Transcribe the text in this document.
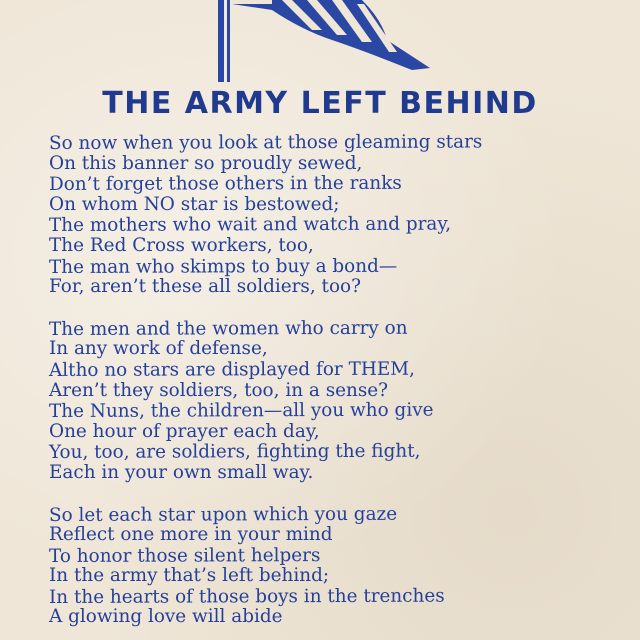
THE ARMY LEFT BEHIND
So now when you look at those gleaming stars
On this banner so proudly sewed,
Don’t forget those others in the ranks
On whom NO star is bestowed;
The mothers who wait and watch and pray,
The Red Cross workers, too,
The man who skimps to buy a bond—
For, aren’t these all soldiers, too?
The men and the women who carry on
In any work of defense,
Altho no stars are displayed for THEM,
Aren’t they soldiers, too, in a sense?
The Nuns, the children—all you who give
One hour of prayer each day,
You, too, are soldiers, fighting the fight,
Each in your own small way.
So let each star upon which you gaze
Reflect one more in your mind
To honor those silent helpers
In the army that’s left behind;
In the hearts of those boys in the trenches
A glowing love will abide
